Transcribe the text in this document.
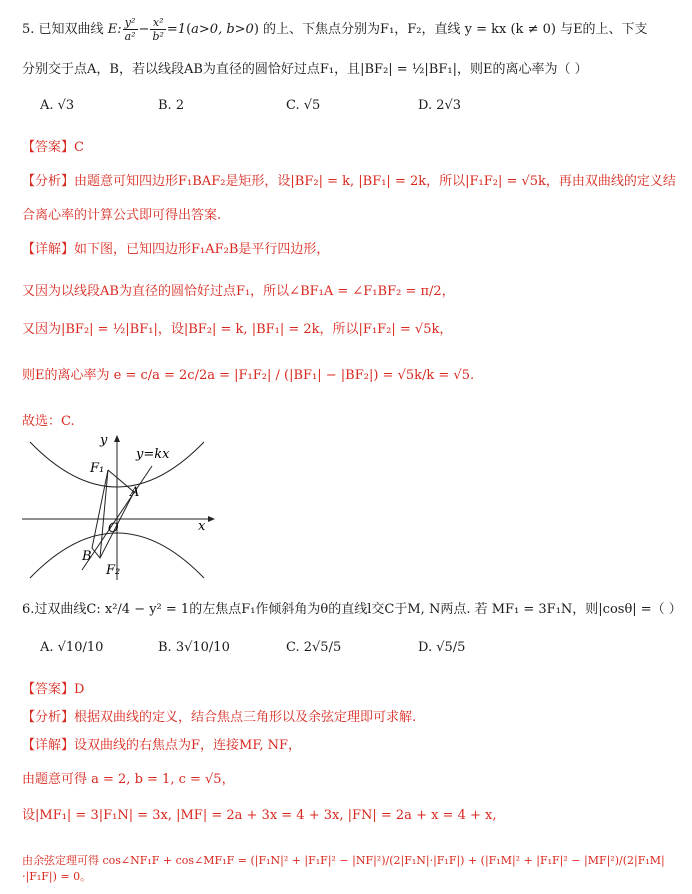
5. 已知双曲线 E: $\frac{\text{y²}}{\text{a²}} - \frac{\text{x²}}{\text{b²}} =1(a>0$, b>0) 的上、下焦点分别为F₁，F₂，直线 y = kx (k ≠ 0) 与E的上、下支
分别交于点A，B，若以线段AB为直径的圆恰好过点F₁，且|BF₂| = ½|BF₁|，则E的离心率为（ ）
A. √3	B. 2	C. √5	D. 2√3
【答案】C
【分析】由题意可知四边形F₁BAF₂是矩形，设|BF₂| = k, |BF₁| = 2k，所以|F₁F₂| = √5k，再由双曲线的定义结
合离心率的计算公式即可得出答案.
【详解】如下图，已知四边形F₁AF₂B是平行四边形，
又因为以线段AB为直径的圆恰好过点F₁，所以∠BF₁A = ∠F₁BF₂ = π/2，
又因为|BF₂| = ½|BF₁|，设|BF₂| = k, |BF₁| = 2k，所以|F₁F₂| = √5k，
则E的离心率为 e = c/a = 2c/2a = |F₁F₂| / (|BF₁| − |BF₂|) = √5k/k = √5.
故选：C.
y
x
y=kx
F₁
A
O
B
F₂
6.过双曲线C: x²/4 − y² = 1的左焦点F₁作倾斜角为θ的直线l交C于M, N两点. 若 MF₁ = 3F₁N，则|cosθ| =（ ）
A. √10/10	B. 3√10/10	C. 2√5/5	D. √5/5
【答案】D
【分析】根据双曲线的定义，结合焦点三角形以及余弦定理即可求解.
【详解】设双曲线的右焦点为F，连接MF, NF，
由题意可得 a = 2, b = 1, c = √5，
设|MF₁| = 3|F₁N| = 3x, |MF| = 2a + 3x = 4 + 3x, |FN| = 2a + x = 4 + x,
由余弦定理可得 cos∠NF₁F + cos∠MF₁F = (|F₁N|² + |F₁F|² − |NF|²)/(2|F₁N|·|F₁F|) + (|F₁M|² + |F₁F|² − |MF|²)/(2|F₁M|·|F₁F|) = 0。
